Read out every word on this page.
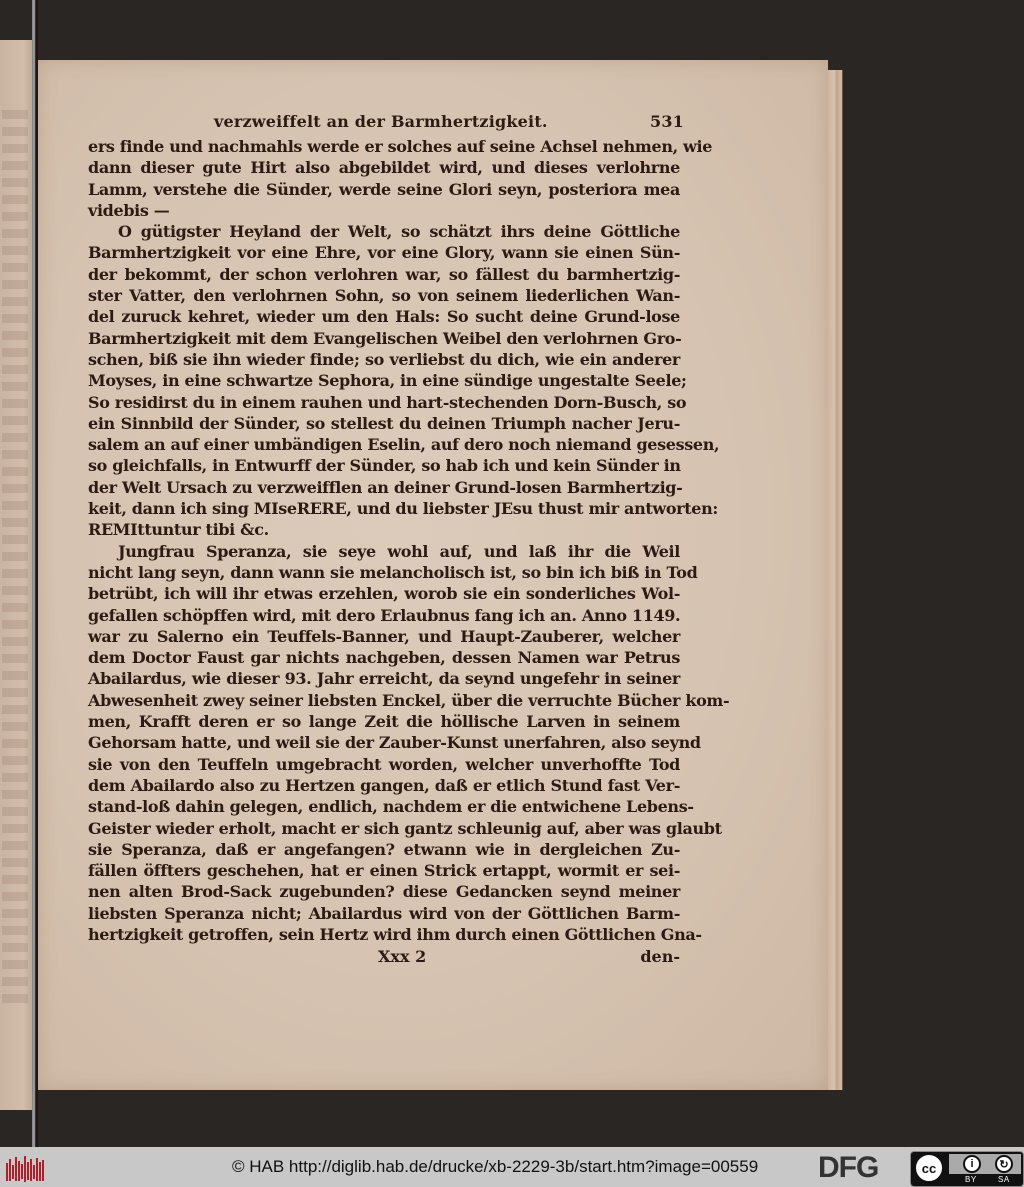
verzweiffelt an der Barmhertzigkeit.	531
ers finde und nachmahls werde er solches auf seine Achsel nehmen, wie
dann dieser gute Hirt also abgebildet wird, und dieses verlohrne
Lamm, verstehe die Sünder, werde seine Glori seyn, posteriora mea
videbis —
O gütigster Heyland der Welt, so schätzt ihrs deine Göttliche
Barmhertzigkeit vor eine Ehre, vor eine Glory, wann sie einen Sün-
der bekommt, der schon verlohren war, so fällest du barmhertzig-
ster Vatter, den verlohrnen Sohn, so von seinem liederlichen Wan-
del zuruck kehret, wieder um den Hals: So sucht deine Grund-lose
Barmhertzigkeit mit dem Evangelischen Weibel den verlohrnen Gro-
schen, biß sie ihn wieder finde; so verliebst du dich, wie ein anderer
Moyses, in eine schwartze Sephora, in eine sündige ungestalte Seele;
So residirst du in einem rauhen und hart-stechenden Dorn-Busch, so
ein Sinnbild der Sünder, so stellest du deinen Triumph nacher Jeru-
salem an auf einer umbändigen Eselin, auf dero noch niemand gesessen,
so gleichfalls, in Entwurff der Sünder, so hab ich und kein Sünder in
der Welt Ursach zu verzweifflen an deiner Grund-losen Barmhertzig-
keit, dann ich sing MIseRERE, und du liebster JEsu thust mir antworten:
REMIttuntur tibi &c.
Jungfrau Speranza, sie seye wohl auf, und laß ihr die Weil
nicht lang seyn, dann wann sie melancholisch ist, so bin ich biß in Tod
betrübt, ich will ihr etwas erzehlen, worob sie ein sonderliches Wol-
gefallen schöpffen wird, mit dero Erlaubnus fang ich an. Anno 1149.
war zu Salerno ein Teuffels-Banner, und Haupt-Zauberer, welcher
dem Doctor Faust gar nichts nachgeben, dessen Namen war Petrus
Abailardus, wie dieser 93. Jahr erreicht, da seynd ungefehr in seiner
Abwesenheit zwey seiner liebsten Enckel, über die verruchte Bücher kom-
men, Krafft deren er so lange Zeit die höllische Larven in seinem
Gehorsam hatte, und weil sie der Zauber-Kunst unerfahren, also seynd
sie von den Teuffeln umgebracht worden, welcher unverhoffte Tod
dem Abailardo also zu Hertzen gangen, daß er etlich Stund fast Ver-
stand-loß dahin gelegen, endlich, nachdem er die entwichene Lebens-
Geister wieder erholt, macht er sich gantz schleunig auf, aber was glaubt
sie Speranza, daß er angefangen? etwann wie in dergleichen Zu-
fällen öffters geschehen, hat er einen Strick ertappt, wormit er sei-
nen alten Brod-Sack zugebunden? diese Gedancken seynd meiner
liebsten Speranza nicht; Abailardus wird von der Göttlichen Barm-
hertzigkeit getroffen, sein Hertz wird ihm durch einen Göttlichen Gna-
Xxx 2	den-
© HAB http://diglib.hab.de/drucke/xb-2229-3b/start.htm?image=00559 DFG	cc	i	↻
BY	SA
